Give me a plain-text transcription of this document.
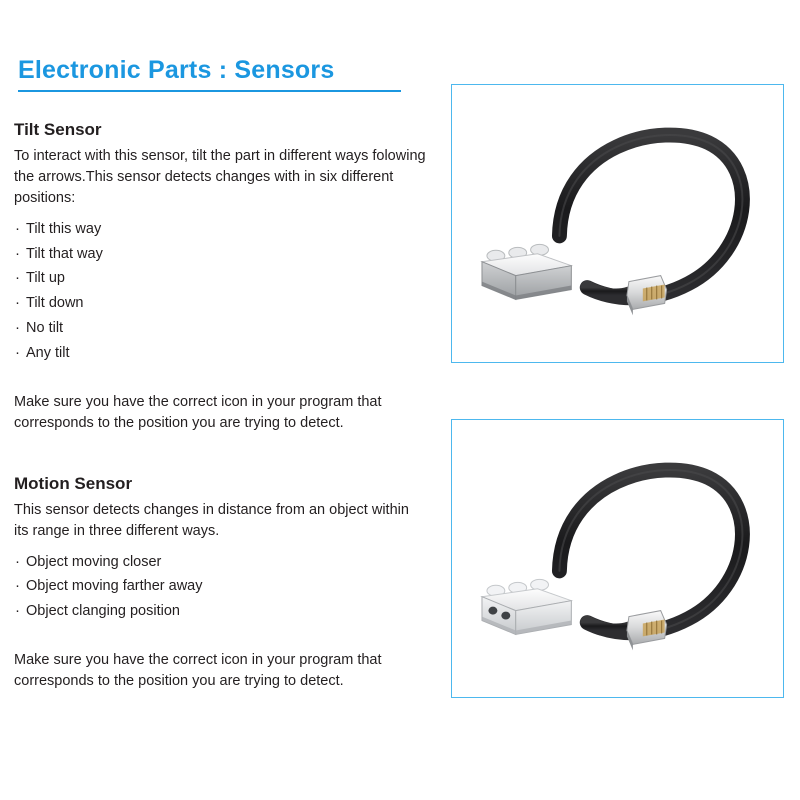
Electronic Parts : Sensors
Tilt Sensor

To interact with this sensor, tilt the part in different ways folowing the arrows.This sensor detects changes with in six different positions:

· Tilt this way
· Tilt that way
· Tilt up
· Tilt down
· No tilt
· Any tilt

Make sure you have the correct icon in your program that corresponds to the position you are trying to detect.

Motion Sensor

This sensor detects changes in distance from an object within its range in three different ways.

· Object moving closer
· Object moving farther away
· Object clanging position

Make sure you have the correct icon in your program that corresponds to the position you are trying to detect.
